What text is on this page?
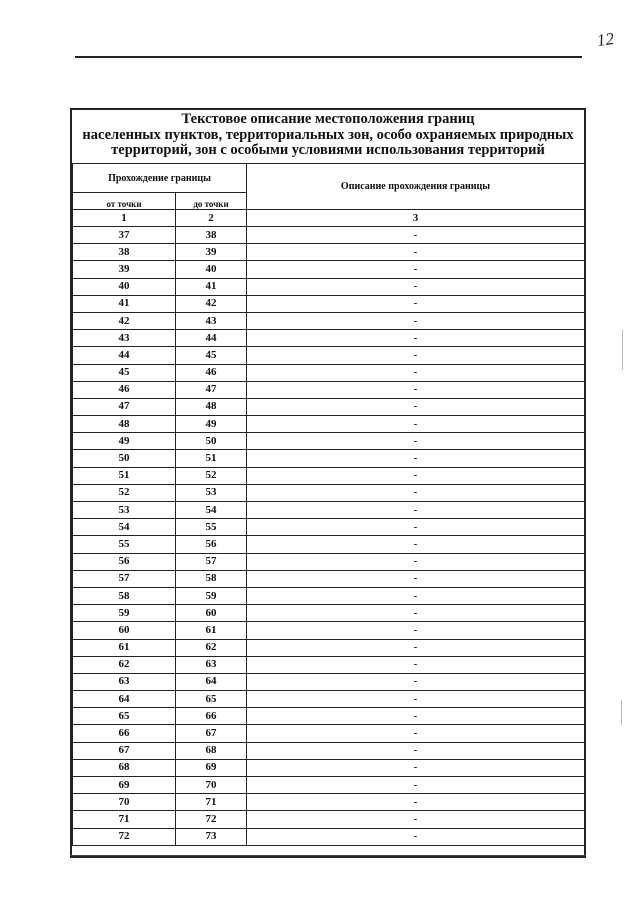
12
Текстовое описание местоположения границ
населенных пунктов, территориальных зон, особо охраняемых природных
территорий, зон с особыми условиями использования территорий
Прохождение границы		Описание прохождения границы
от точки	до точки	
1	2	3
37	38	-
38	39	-
39	40	-
40	41	-
41	42	-
42	43	-
43	44	-
44	45	-
45	46	-
46	47	-
47	48	-
48	49	-
49	50	-
50	51	-
51	52	-
52	53	-
53	54	-
54	55	-
55	56	-
56	57	-
57	58	-
58	59	-
59	60	-
60	61	-
61	62	-
62	63	-
63	64	-
64	65	-
65	66	-
66	67	-
67	68	-
68	69	-
69	70	-
70	71	-
71	72	-
72	73	-
